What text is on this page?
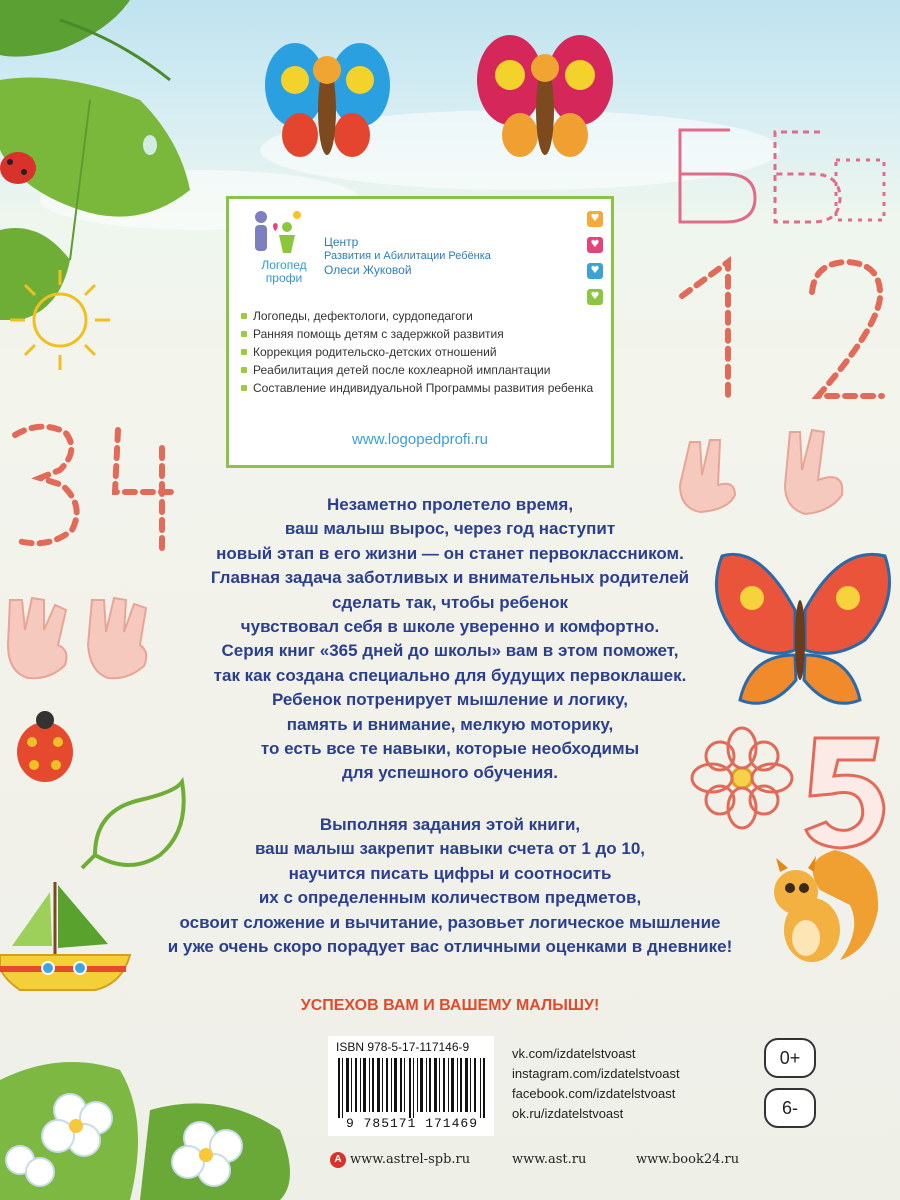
Логопед
профи
Центр
Развития и Абилитации Ребёнка
Олеси Жуковой
♥
♥
♥
♥
Логопеды, дефектологи, сурдопедагоги
Ранняя помощь детям с задержкой развития
Коррекция родительско-детских отношений
Реабилитация детей после кохлеарной имплантации
Составление индивидуальной Программы развития ребенка
www.logopedprofi.ru
Незаметно пролетело время,
ваш малыш вырос, через год наступит
новый этап в его жизни — он станет первоклассником.
Главная задача заботливых и внимательных родителей
сделать так, чтобы ребенок
чувствовал себя в школе уверенно и комфортно.
Серия книг «365 дней до школы» вам в этом поможет,
так как создана специально для будущих первоклашек.
Ребенок потренирует мышление и логику,
память и внимание, мелкую моторику,
то есть все те навыки, которые необходимы
для успешного обучения.
Выполняя задания этой книги,
ваш малыш закрепит навыки счета от 1 до 10,
научится писать цифры и соотносить
их с определенным количеством предметов,
освоит сложение и вычитание, разовьет логическое мышление
и уже очень скоро порадует вас отличными оценками в дневнике!
УСПЕХОВ ВАМ И ВАШЕМУ МАЛЫШУ!
ISBN 978-5-17-117146-9
9 785171 171469
vk.com/izdatelstvoast
instagram.com/izdatelstvoast
facebook.com/izdatelstvoast
ok.ru/izdatelstvoast
0+
6-
A www.astrel-spb.ru	www.ast.ru	www.book24.ru
